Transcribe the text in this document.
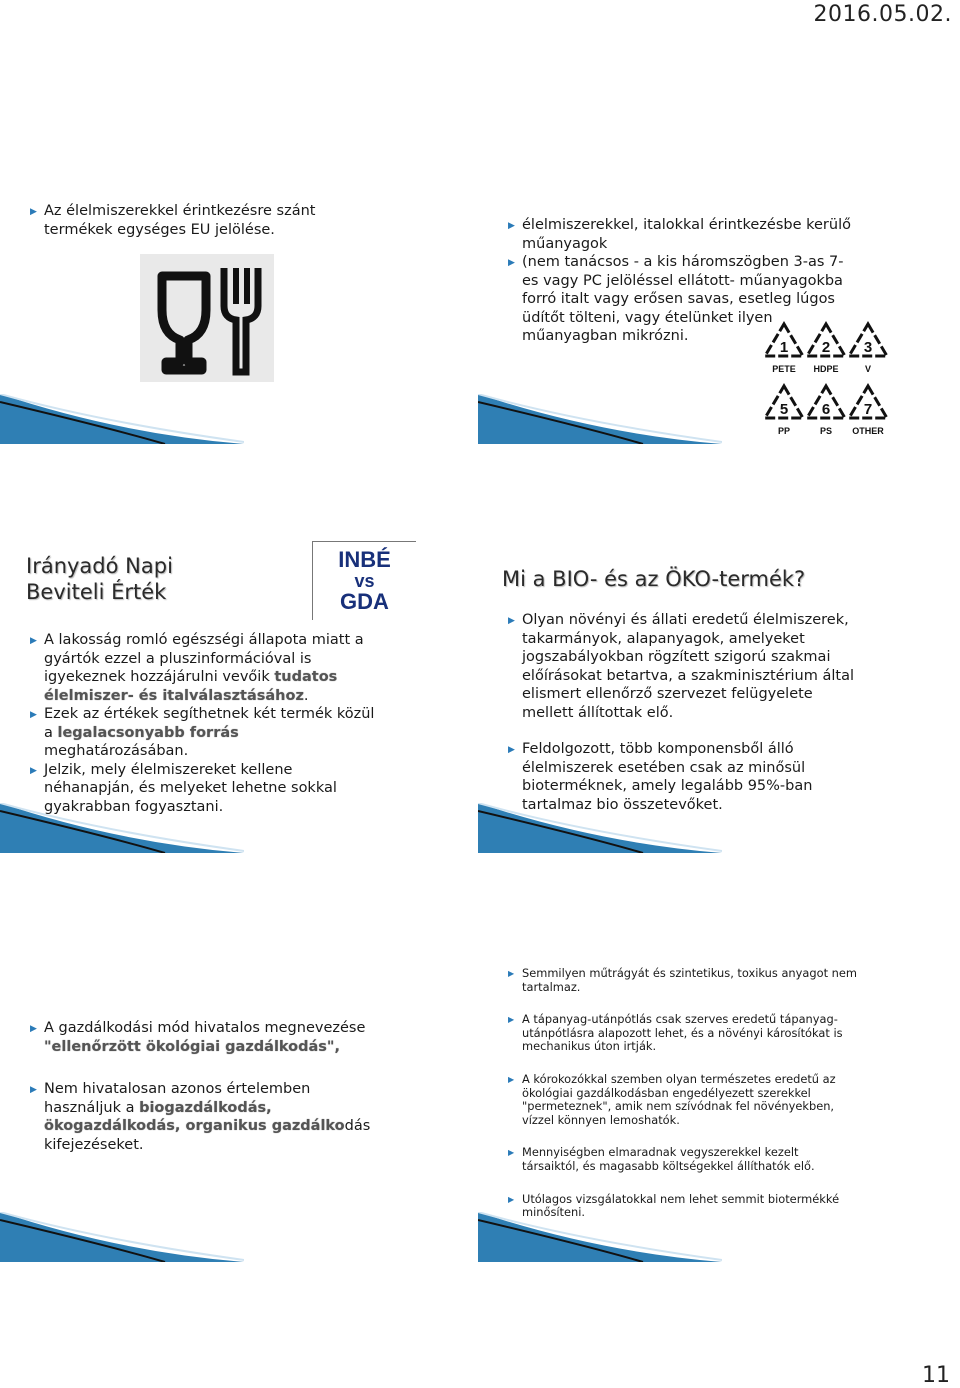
2016.05.02.
▶ Az élelmiszerekkel érintkezésre szánt termékek egységes EU jelölése.	▶ élelmiszerekkel, italokkal érintkezésbe kerülő műanyagok
▶ (nem tanácsos - a kis háromszögben 3-as 7-es vagy PC jelöléssel ellátott- műanyagokba forró italt vagy erősen savas, esetleg lúgos üdítőt tölteni, vagy ételünket ilyen műanyagban mikrózni.
1
PETE
2
HDPE
3
V
5
PP
6
PS
7
OTHER
Irányadó Napi
Beviteli Érték
INBÉ
vs
GDA
▶ A lakosság romló egészségi állapota miatt a gyártók ezzel a pluszinformációval is igyekeznek hozzájárulni vevőik tudatos élelmiszer- és italválasztásához.
▶ Ezek az értékek segíthetnek két termék közül a legalacsonyabb forrás meghatározásában.
▶ Jelzik, mely élelmiszereket kellene néhanapján, és melyeket lehetne sokkal gyakrabban fogyasztani.
Mi a BIO- és az ÖKO-termék?
▶ Olyan növényi és állati eredetű élelmiszerek, takarmányok, alapanyagok, amelyeket jogszabályokban rögzített szigorú szakmai előírásokat betartva, a szakminisztérium által elismert ellenőrző szervezet felügyelete mellett állítottak elő.
▶ Feldolgozott, több komponensből álló élelmiszerek esetében csak az minősül bioterméknek, amely legalább 95%-ban tartalmaz bio összetevőket.
▶ A gazdálkodási mód hivatalos megnevezése "ellenőrzött ökológiai gazdálkodás",
▶ Nem hivatalosan azonos értelemben használjuk a biogazdálkodás, ökogazdálkodás, organikus gazdálkodás kifejezéseket.
▶ Semmilyen műtrágyát és szintetikus, toxikus anyagot nem tartalmaz.
▶ A tápanyag-utánpótlás csak szerves eredetű tápanyag-utánpótlásra alapozott lehet, és a növényi károsítókat is mechanikus úton irtják.
▶ A kórokozókkal szemben olyan természetes eredetű az ökológiai gazdálkodásban engedélyezett szerekkel "permeteznek", amik nem szívódnak fel növényekben, vízzel könnyen lemoshatók.
▶ Mennyiségben elmaradnak vegyszerekkel kezelt társaiktól, és magasabb költségekkel állíthatók elő.
▶ Utólagos vizsgálatokkal nem lehet semmit biotermékké minősíteni.
11
